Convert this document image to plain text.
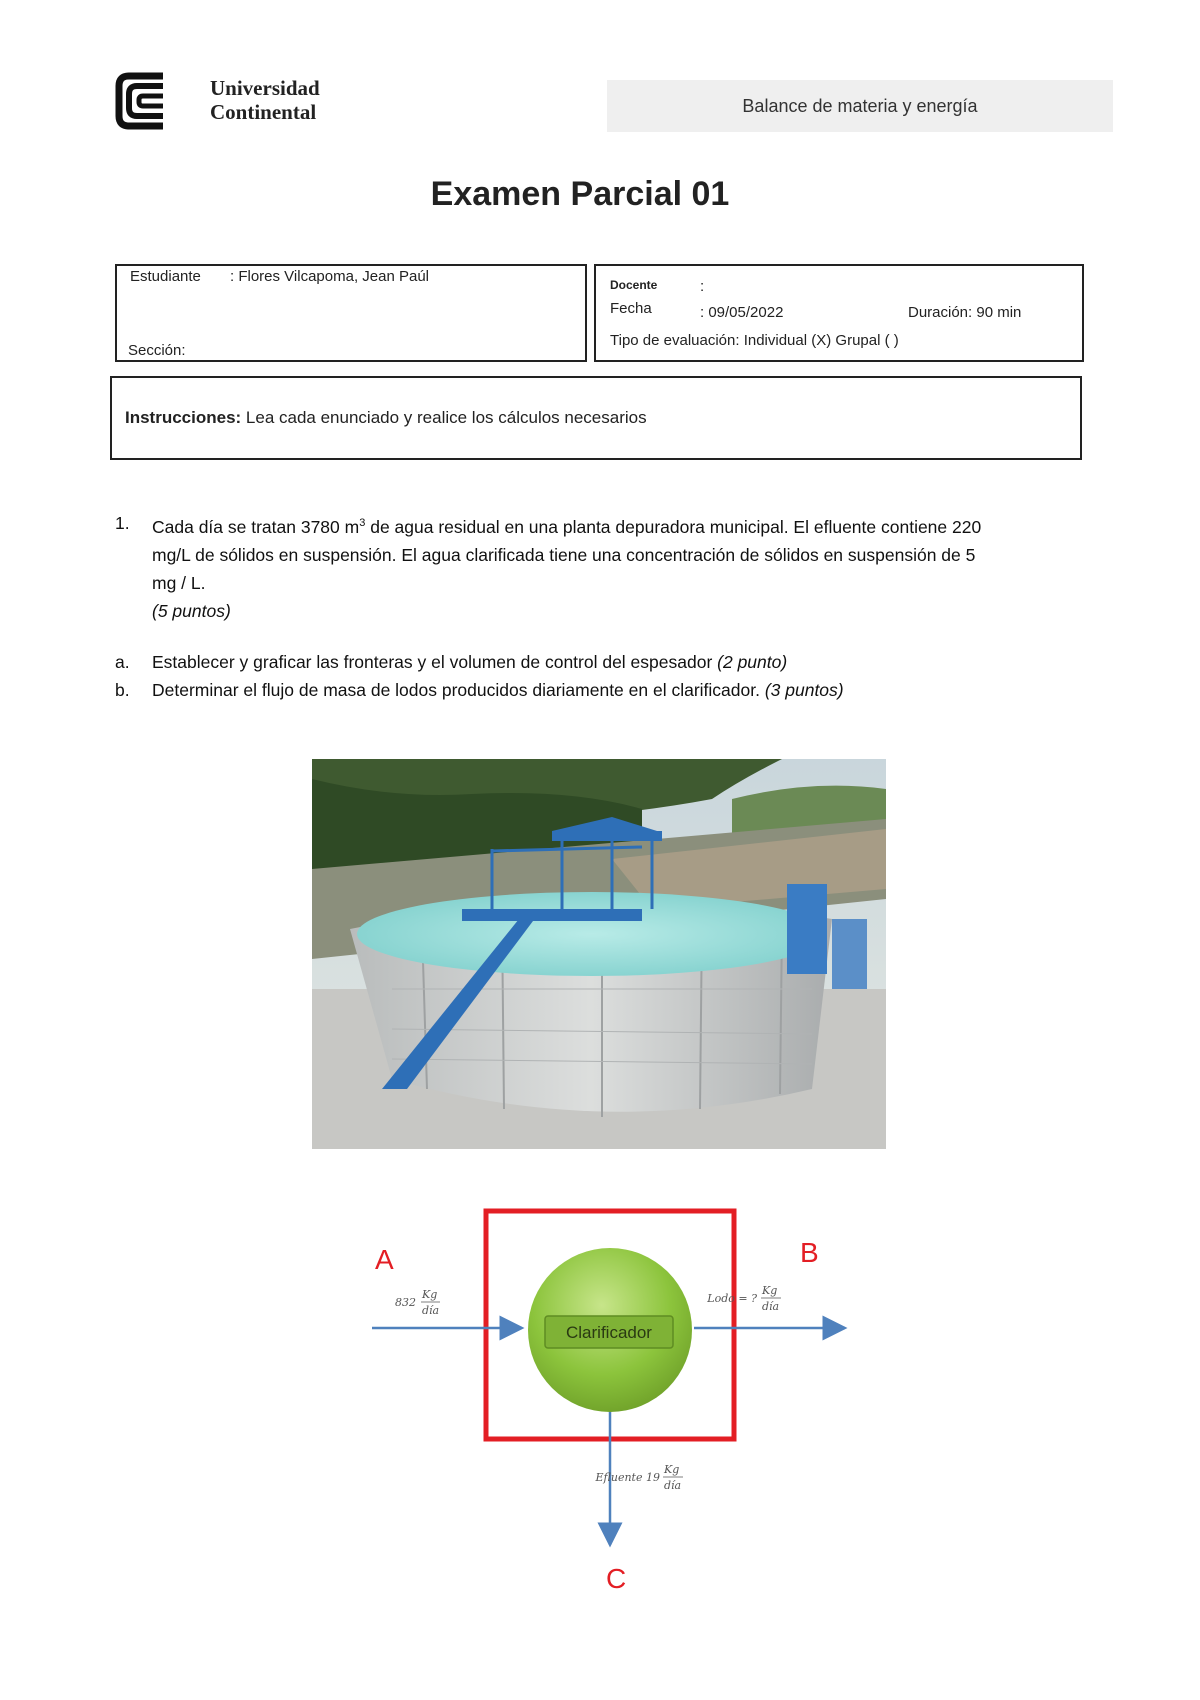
Universidad
Continental	Balance de materia y energía
Examen Parcial 01
Estudiante : Flores Vilcapoma, Jean Paúl
Sección:
Docente	:
Fecha	: 09/05/2022	Duración: 90 min
Tipo de evaluación: Individual (X) Grupal ( )
Instrucciones: Lea cada enunciado y realice los cálculos necesarios
1. Cada día se tratan 3780 $m^3$ de agua residual en una planta depuradora municipal. El efluente contiene 220
mg/L de sólidos en suspensión. El agua clarificada tiene una concentración de sólidos en suspensión de 5
mg / L.
(5 puntos)
a. Establecer y graficar las fronteras y el volumen de control del espesador (2 punto)
b. Determinar el flujo de masa de lodos producidos diariamente en el clarificador. (3 puntos)
Clarificador
A	B
C
832
Kg
día
Lodo = ?
Kg
día
Efluente 19
Kg
día
